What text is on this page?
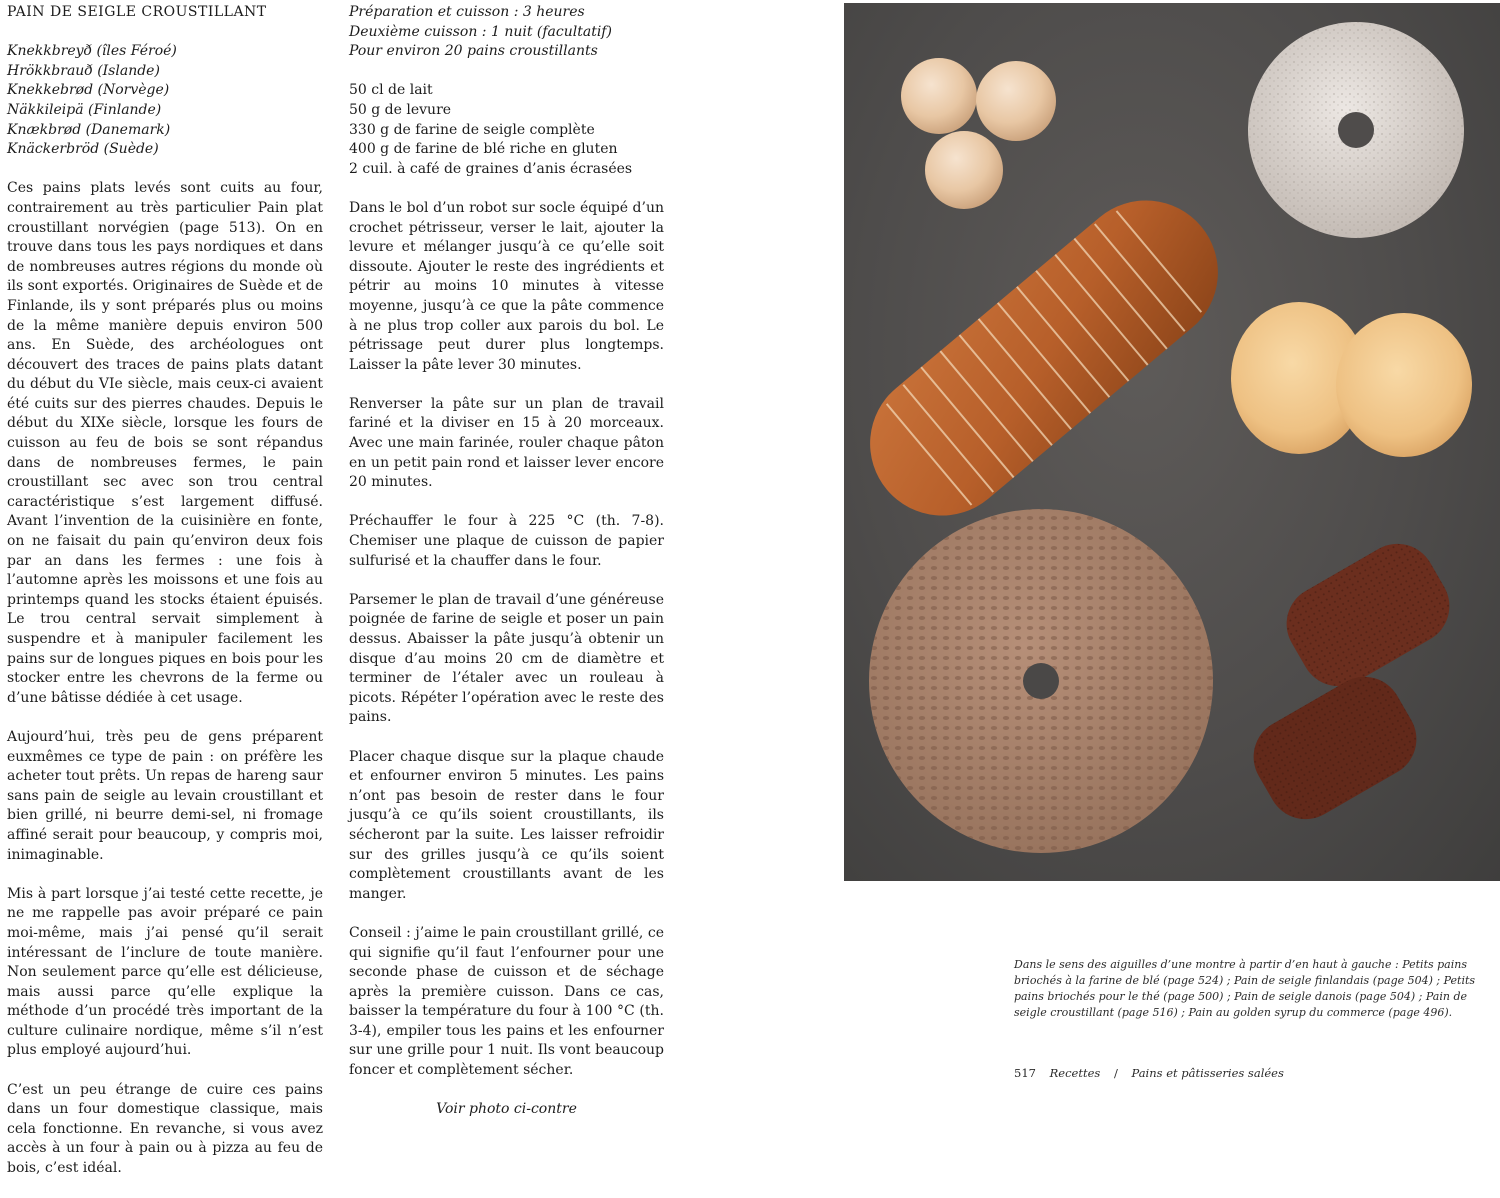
PAIN DE SEIGLE CROUSTILLANT
Knekkbreyð (îles Féroé)
Hrökkbrauð (Islande)
Knekkebrød (Norvège)
Näkkileipä (Finlande)
Knækbrød (Danemark)
Knäckerbröd (Suède)

Ces pains plats levés sont cuits au four, contrairement au très particulier Pain plat croustillant norvégien (page 513). On en trouve dans tous les pays nordiques et dans de nombreuses autres régions du monde où ils sont exportés. Originaires de Suède et de Finlande, ils y sont préparés plus ou moins de la même manière depuis environ 500 ans. En Suède, des archéologues ont découvert des traces de pains plats datant du début du VIe siècle, mais ceux-ci avaient été cuits sur des pierres chaudes. Depuis le début du XIXe siècle, lorsque les fours de cuisson au feu de bois se sont répandus dans de nombreuses fermes, le pain croustillant sec avec son trou central caractéristique s’est largement diffusé. Avant l’invention de la cuisinière en fonte, on ne faisait du pain qu’environ deux fois par an dans les fermes : une fois à l’automne après les moissons et une fois au printemps quand les stocks étaient épuisés. Le trou central servait simplement à suspendre et à manipuler facilement les pains sur de longues piques en bois pour les stocker entre les chevrons de la ferme ou d’une bâtisse dédiée à cet usage.

Aujourd’hui, très peu de gens préparent euxmêmes ce type de pain : on préfère les acheter tout prêts. Un repas de hareng saur sans pain de seigle au levain croustillant et bien grillé, ni beurre demi-sel, ni fromage affiné serait pour beaucoup, y compris moi, inimaginable.

Mis à part lorsque j’ai testé cette recette, je ne me rappelle pas avoir préparé ce pain moi-même, mais j’ai pensé qu’il serait intéressant de l’inclure de toute manière. Non seulement parce qu’elle est délicieuse, mais aussi parce qu’elle explique la méthode d’un procédé très important de la culture culinaire nordique, même s’il n’est plus employé aujourd’hui.

C’est un peu étrange de cuire ces pains dans un four domestique classique, mais cela fonctionne. En revanche, si vous avez accès à un four à pain ou à pizza au feu de bois, c’est idéal.

Préparation et cuisson : 3 heures
Deuxième cuisson : 1 nuit (facultatif)
Pour environ 20 pains croustillants
50 cl de lait
50 g de levure
330 g de farine de seigle complète
400 g de farine de blé riche en gluten
2 cuil. à café de graines d’anis écrasées

Dans le bol d’un robot sur socle équipé d’un crochet pétrisseur, verser le lait, ajouter la levure et mélanger jusqu’à ce qu’elle soit dissoute. Ajouter le reste des ingrédients et pétrir au moins 10 minutes à vitesse moyenne, jusqu’à ce que la pâte commence à ne plus trop coller aux parois du bol. Le pétrissage peut durer plus longtemps. Laisser la pâte lever 30 minutes.

Renverser la pâte sur un plan de travail fariné et la diviser en 15 à 20 morceaux. Avec une main farinée, rouler chaque pâton en un petit pain rond et laisser lever encore 20 minutes.

Préchauffer le four à 225 °C (th. 7-8). Chemiser une plaque de cuisson de papier sulfurisé et la chauffer dans le four.

Parsemer le plan de travail d’une généreuse poignée de farine de seigle et poser un pain dessus. Abaisser la pâte jusqu’à obtenir un disque d’au moins 20 cm de diamètre et terminer de l’étaler avec un rouleau à picots. Répéter l’opération avec le reste des pains.

Placer chaque disque sur la plaque chaude et enfourner environ 5 minutes. Les pains n’ont pas besoin de rester dans le four jusqu’à ce qu’ils soient croustillants, ils sécheront par la suite. Les laisser refroidir sur des grilles jusqu’à ce qu’ils soient complètement croustillants avant de les manger.

Conseil : j’aime le pain croustillant grillé, ce qui signifie qu’il faut l’enfourner pour une seconde phase de cuisson et de séchage après la première cuisson. Dans ce cas, baisser la température du four à 100 °C (th. 3-4), empiler tous les pains et les enfourner sur une grille pour 1 nuit. Ils vont beaucoup foncer et complètement sécher.

Voir photo ci-contre
Dans le sens des aiguilles d’une montre à partir d’en haut à gauche : Petits pains briochés à la farine de blé (page 524) ; Pain de seigle finlandais (page 504) ; Petits pains briochés pour le thé (page 500) ; Pain de seigle danois (page 504) ; Pain de seigle croustillant (page 516) ; Pain au golden syrup du commerce (page 496).
517 Recettes / Pains et pâtisseries salées
